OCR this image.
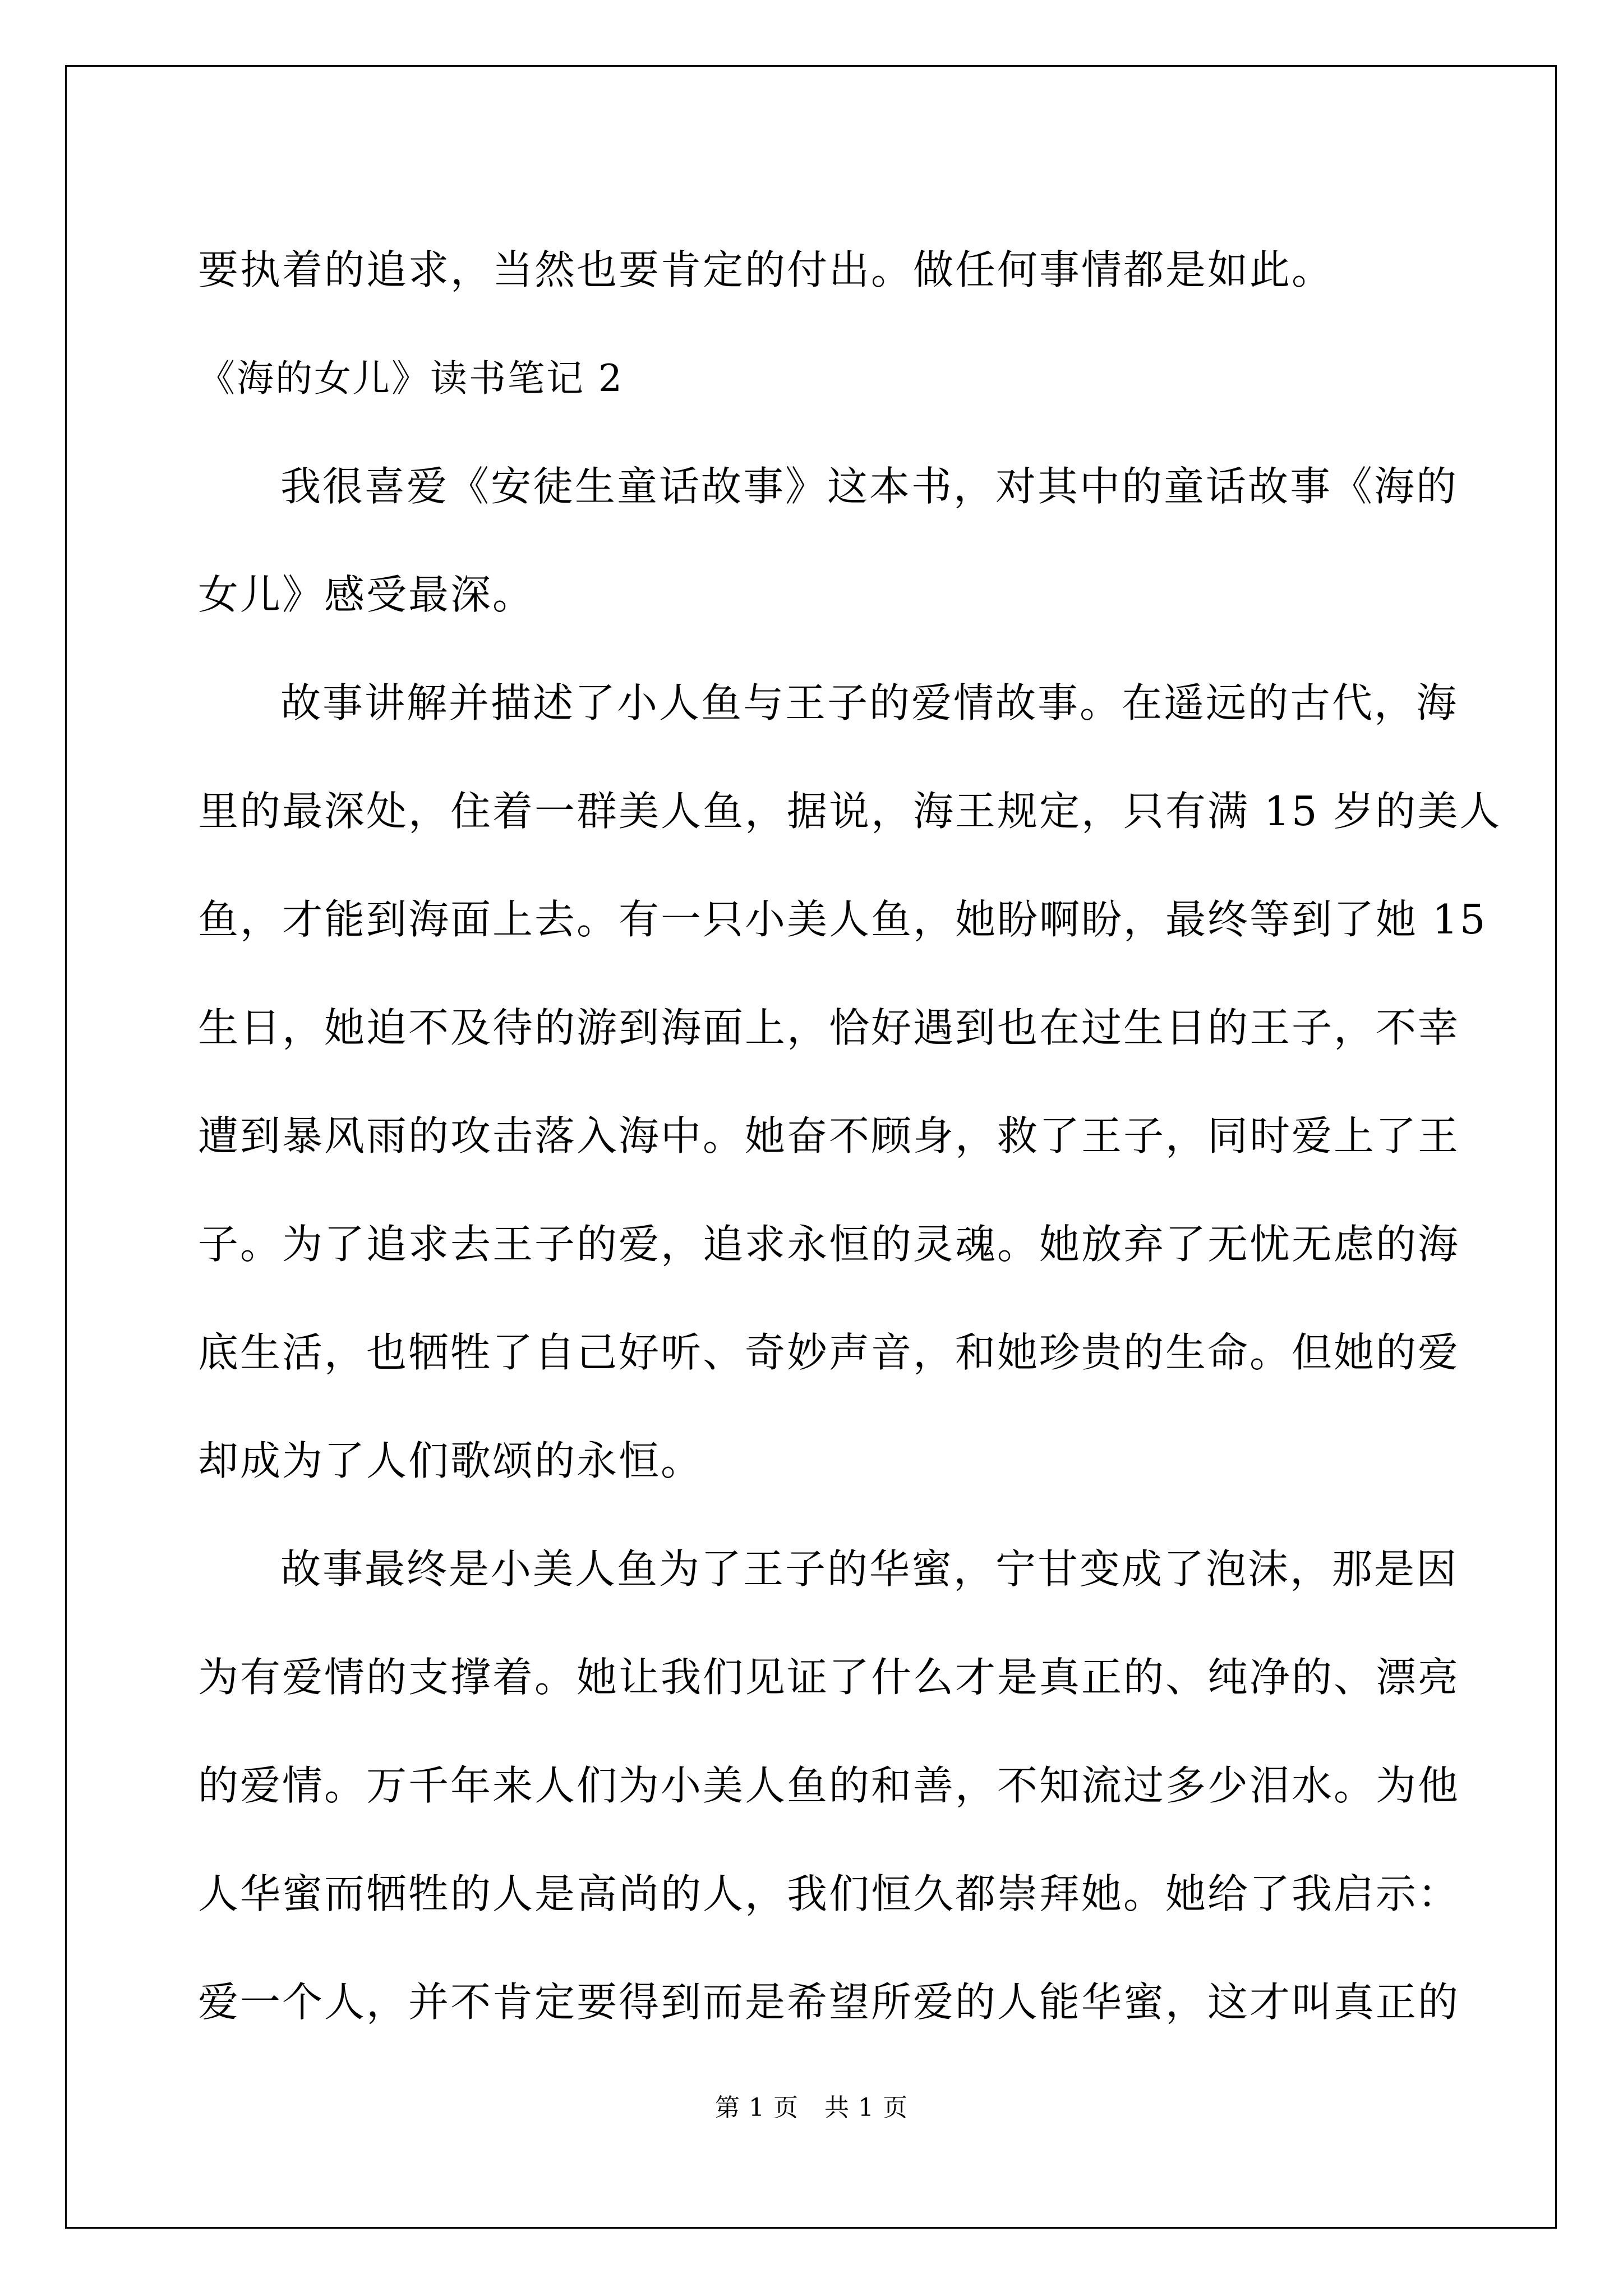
要执着的追求，当然也要肯定的付出。做任何事情都是如此。
《海的女儿》读书笔记 2
我很喜爱《安徒生童话故事》这本书，对其中的童话故事《海的
女儿》感受最深。
故事讲解并描述了小人鱼与王子的爱情故事。在遥远的古代，海
里的最深处，住着一群美人鱼，据说，海王规定，只有满 15 岁的美人
鱼，才能到海面上去。有一只小美人鱼，她盼啊盼，最终等到了她 15
生日，她迫不及待的游到海面上，恰好遇到也在过生日的王子，不幸
遭到暴风雨的攻击落入海中。她奋不顾身，救了王子，同时爱上了王
子。为了追求去王子的爱，追求永恒的灵魂。她放弃了无忧无虑的海
底生活，也牺牲了自己好听、奇妙声音，和她珍贵的生命。但她的爱
却成为了人们歌颂的永恒。
故事最终是小美人鱼为了王子的华蜜，宁甘变成了泡沫，那是因
为有爱情的支撑着。她让我们见证了什么才是真正的、纯净的、漂亮
的爱情。万千年来人们为小美人鱼的和善，不知流过多少泪水。为他
人华蜜而牺牲的人是高尚的人，我们恒久都崇拜她。她给了我启示：
爱一个人，并不肯定要得到而是希望所爱的人能华蜜，这才叫真正的
第 1 页 共 1 页
